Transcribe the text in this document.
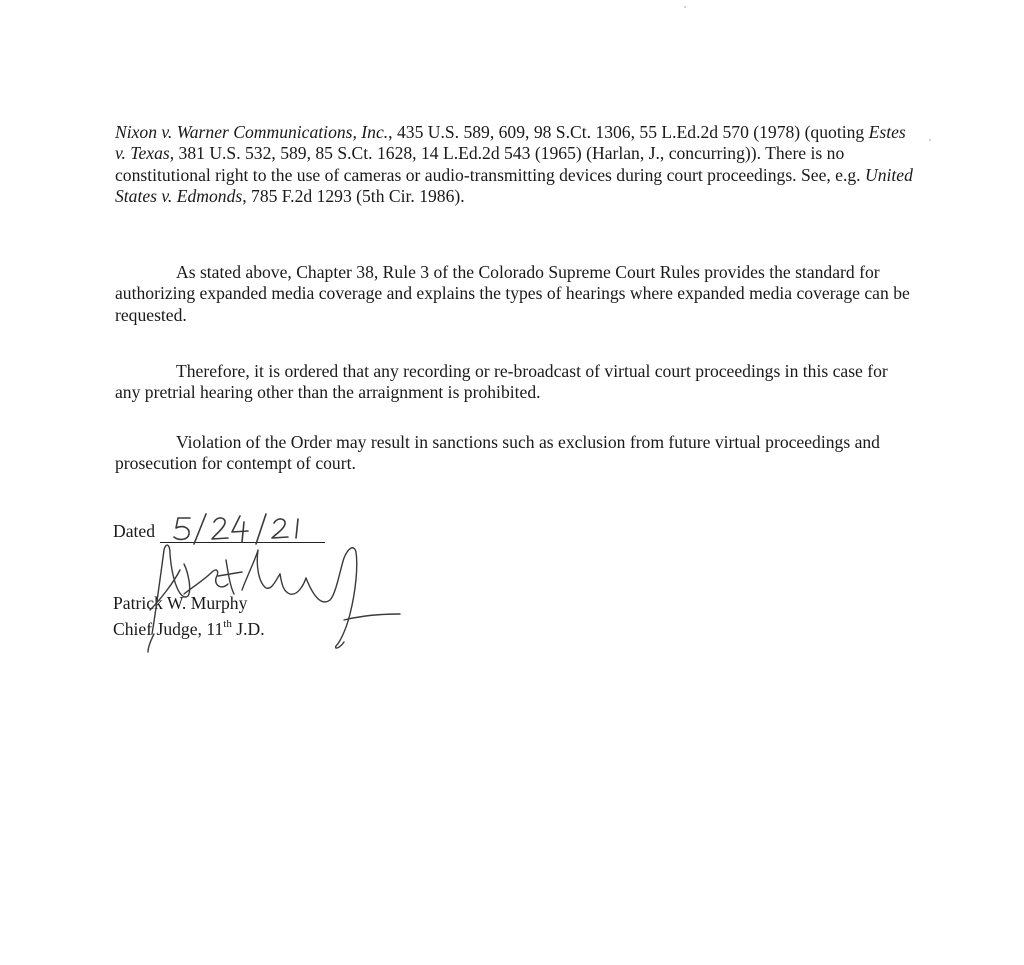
Nixon v. Warner Communications, Inc., 435 U.S. 589, 609, 98 S.Ct. 1306, 55 L.Ed.2d 570 (1978) (quoting Estes v. Texas, 381 U.S. 532, 589, 85 S.Ct. 1628, 14 L.Ed.2d 543 (1965) (Harlan, J., concurring)). There is no constitutional right to the use of cameras or audio-transmitting devices during court proceedings. See, e.g. United States v. Edmonds, 785 F.2d 1293 (5th Cir. 1986).

As stated above, Chapter 38, Rule 3 of the Colorado Supreme Court Rules provides the standard for authorizing expanded media coverage and explains the types of hearings where expanded media coverage can be requested.

Therefore, it is ordered that any recording or re-broadcast of virtual court proceedings in this case for any pretrial hearing other than the arraignment is prohibited.

Violation of the Order may result in sanctions such as exclusion from future virtual proceedings and prosecution for contempt of court.

Dated
Patrick W. Murphy
Chief Judge, 11th J.D.
